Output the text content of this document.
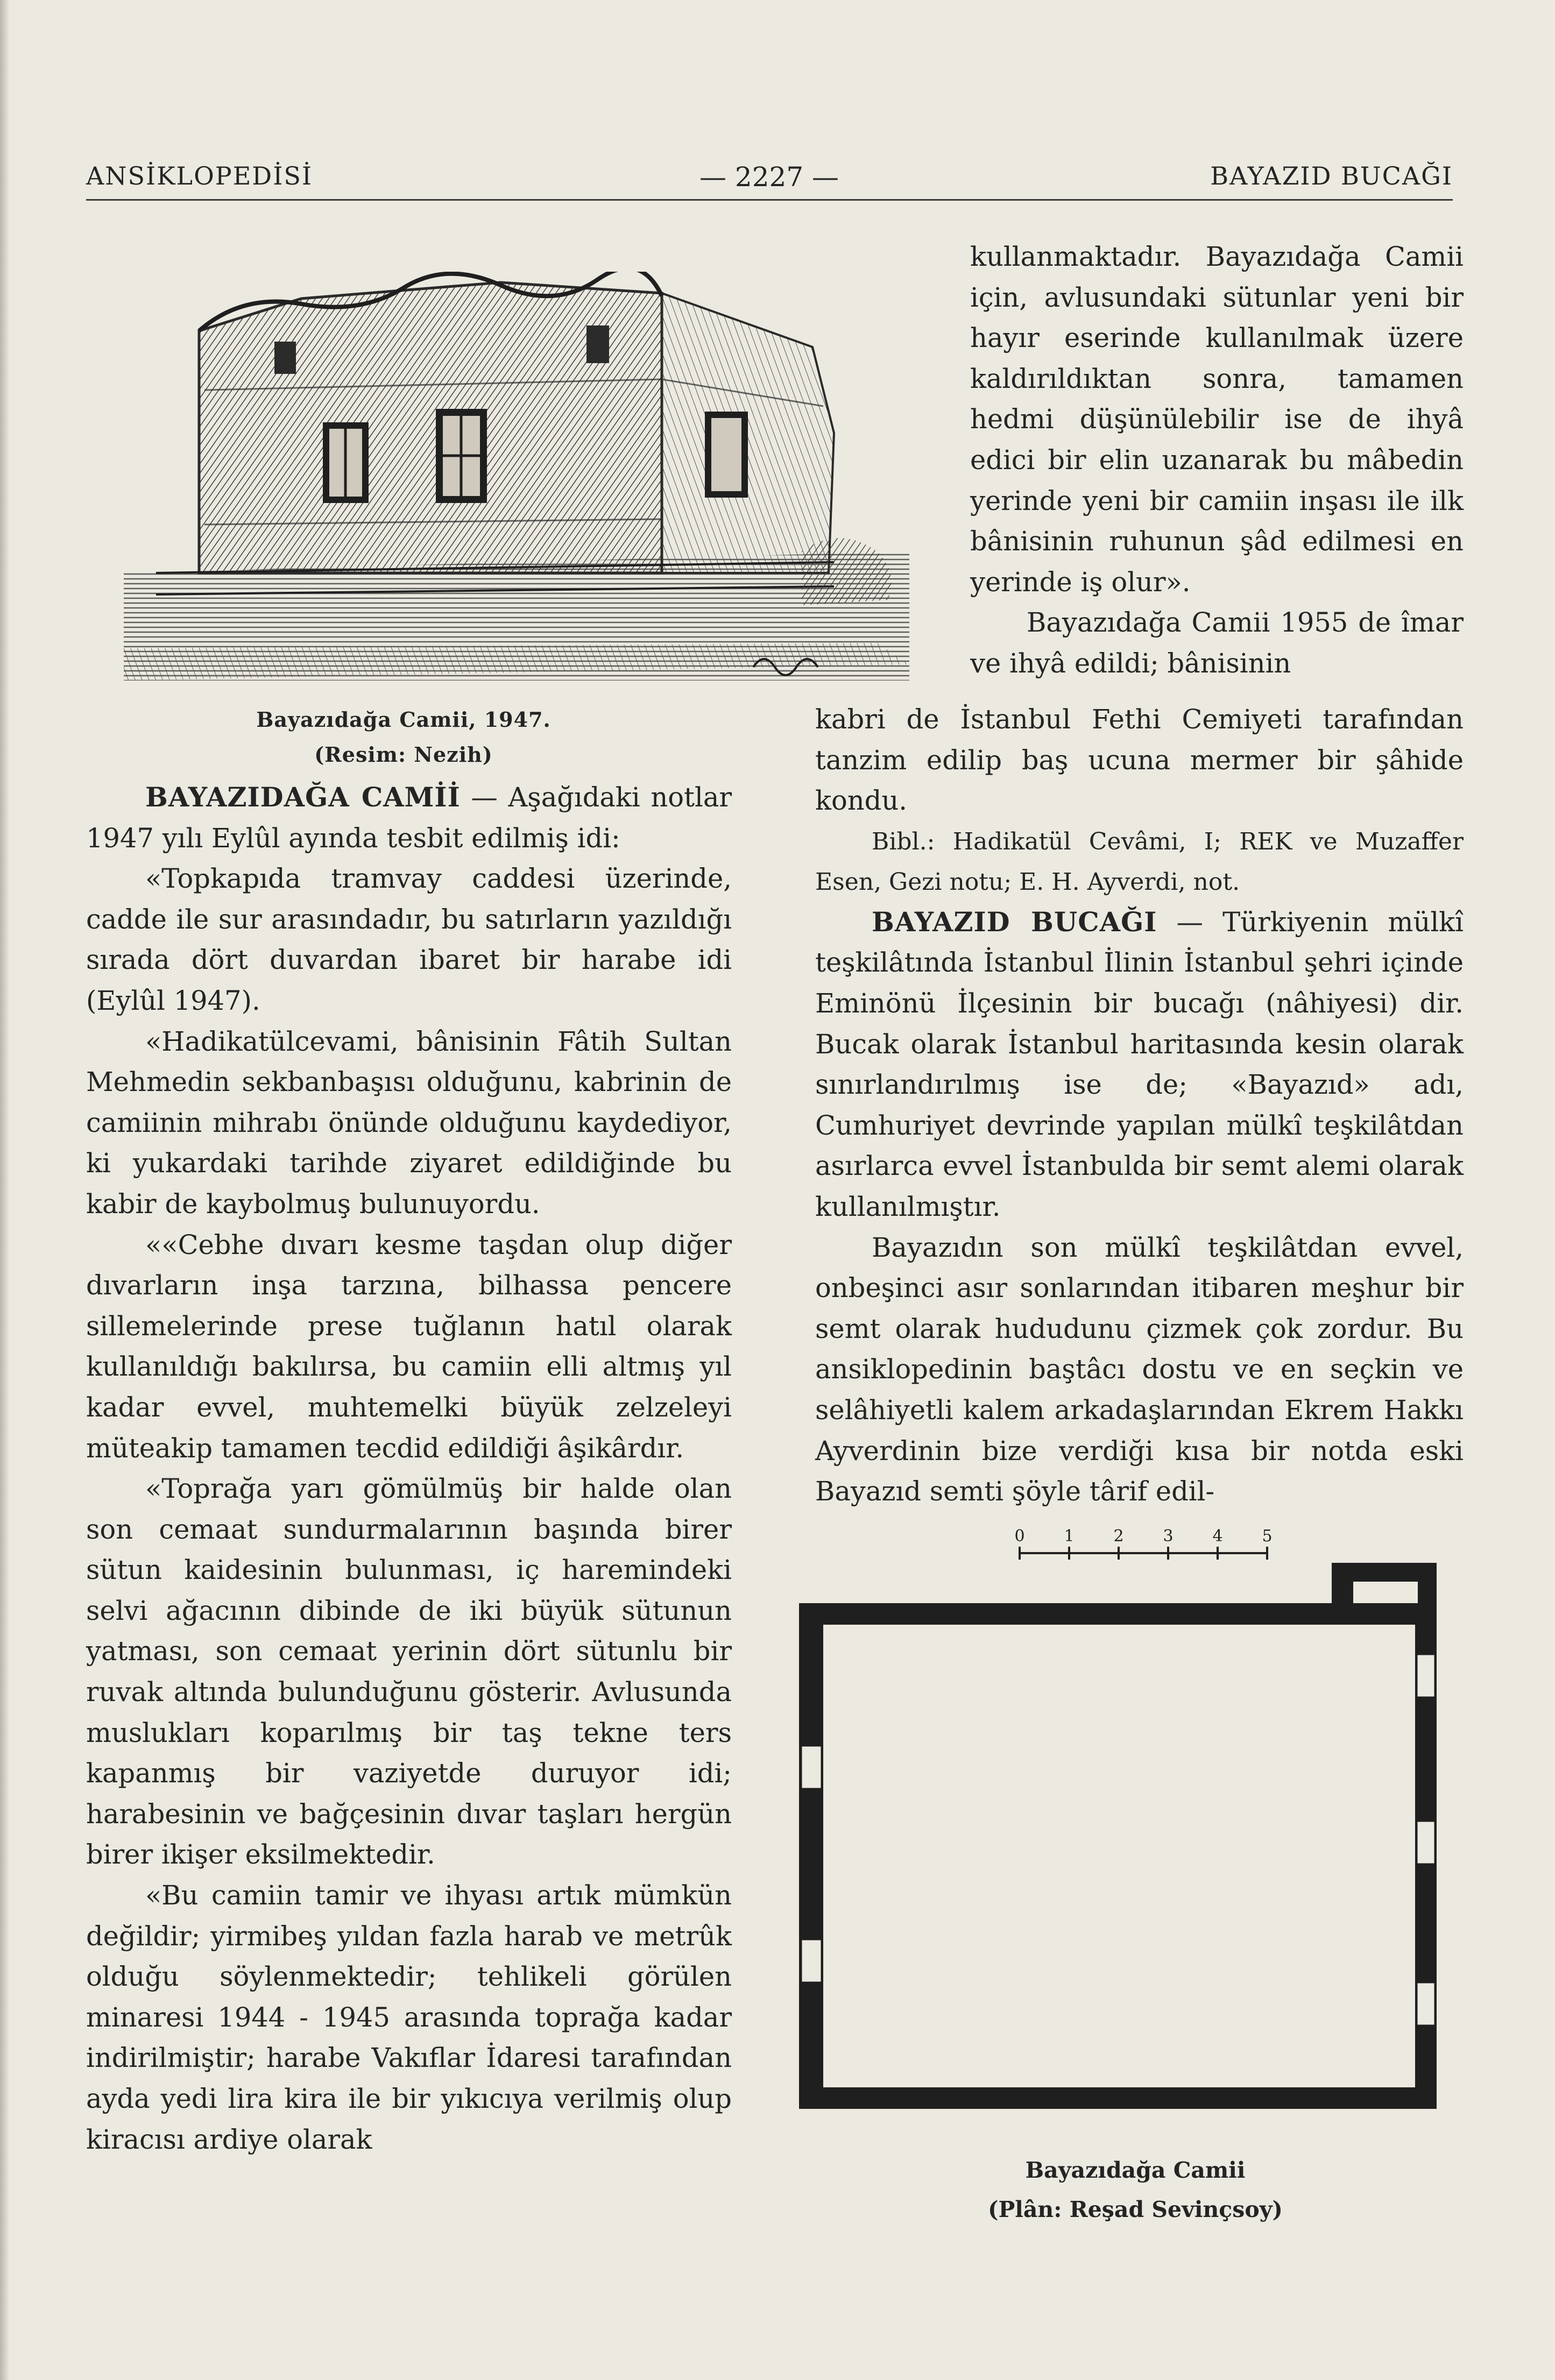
ANSİKLOPEDİSİ	— 2227 —	BAYAZID BUCAĞI
Bayazıdağa Camii, 1947.
(Resim: Nezih)

BAYAZIDAĞA CAMİİ — Aşağıdaki notlar 1947 yılı Eylûl ayında tesbit edilmiş idi:

«Topkapıda tramvay caddesi üzerinde, cadde ile sur arasındadır, bu satırların yazıldığı sırada dört duvardan ibaret bir harabe idi (Eylûl 1947).

«Hadikatülcevami, bânisinin Fâtih Sultan Mehmedin sekbanbaşısı olduğunu, kabrinin de camiinin mihrabı önünde olduğunu kaydediyor, ki yukardaki tarihde ziyaret edildiğinde bu kabir de kaybolmuş bulunuyordu.

««Cebhe dıvarı kesme taşdan olup diğer dıvarların inşa tarzına, bilhassa pencere sillemelerinde prese tuğlanın hatıl olarak kullanıldığı bakılırsa, bu camiin elli altmış yıl kadar evvel, muhtemelki büyük zelzeleyi müteakip tamamen tecdid edildiği âşikârdır.

«Toprağa yarı gömülmüş bir halde olan son cemaat sundurmalarının başında birer sütun kaidesinin bulunması, iç haremindeki selvi ağacının dibinde de iki büyük sütunun yatması, son cemaat yerinin dört sütunlu bir ruvak altında bulunduğunu gösterir. Avlusunda muslukları koparılmış bir taş tekne ters kapanmış bir vaziyetde duruyor idi; harabesinin ve bağçesinin dıvar taşları hergün birer ikişer eksilmektedir.

«Bu camiin tamir ve ihyası artık mümkün değildir; yirmibeş yıldan fazla harab ve metrûk olduğu söylenmektedir; tehlikeli görülen minaresi 1944 - 1945 arasında toprağa kadar indirilmiştir; harabe Vakıflar İdaresi tarafından ayda yedi lira kira ile bir yıkıcıya verilmiş olup kiracısı ardiye olarak

kullanmaktadır. Bayazıdağa Camii için, avlusundaki sütunlar yeni bir hayır eserinde kullanılmak üzere kaldırıldıktan sonra, tamamen hedmi düşünülebilir ise de ihyâ edici bir elin uzanarak bu mâbedin yerinde yeni bir camiin inşası ile ilk bânisinin ruhunun şâd edilmesi en yerinde iş olur».

Bayazıdağa Camii 1955 de îmar ve ihyâ edildi; bânisinin

kabri de İstanbul Fethi Cemiyeti tarafından tanzim edilip baş ucuna mermer bir şâhide kondu.

Bibl.: Hadikatül Cevâmi, I; REK ve Muzaffer Esen, Gezi notu; E. H. Ayverdi, not.

BAYAZID BUCAĞI — Türkiyenin mülkî teşkilâtında İstanbul İlinin İstanbul şehri içinde Eminönü İlçesinin bir bucağı (nâhiyesi) dir. Bucak olarak İstanbul haritasında kesin olarak sınırlandırılmış ise de; «Bayazıd» adı, Cumhuriyet devrinde yapılan mülkî teşkilâtdan asırlarca evvel İstanbulda bir semt alemi olarak kullanılmıştır.

Bayazıdın son mülkî teşkilâtdan evvel, onbeşinci asır sonlarından itibaren meşhur bir semt olarak hududunu çizmek çok zordur. Bu ansiklopedinin baştâcı dostu ve en seçkin ve selâhiyetli kalem arkadaşlarından Ekrem Hakkı Ayverdinin bize verdiği kısa bir notda eski Bayazıd semti şöyle târif edil-

0 1 2 3 4 5
Bayazıdağa Camii
(Plân: Reşad Sevinçsoy)
